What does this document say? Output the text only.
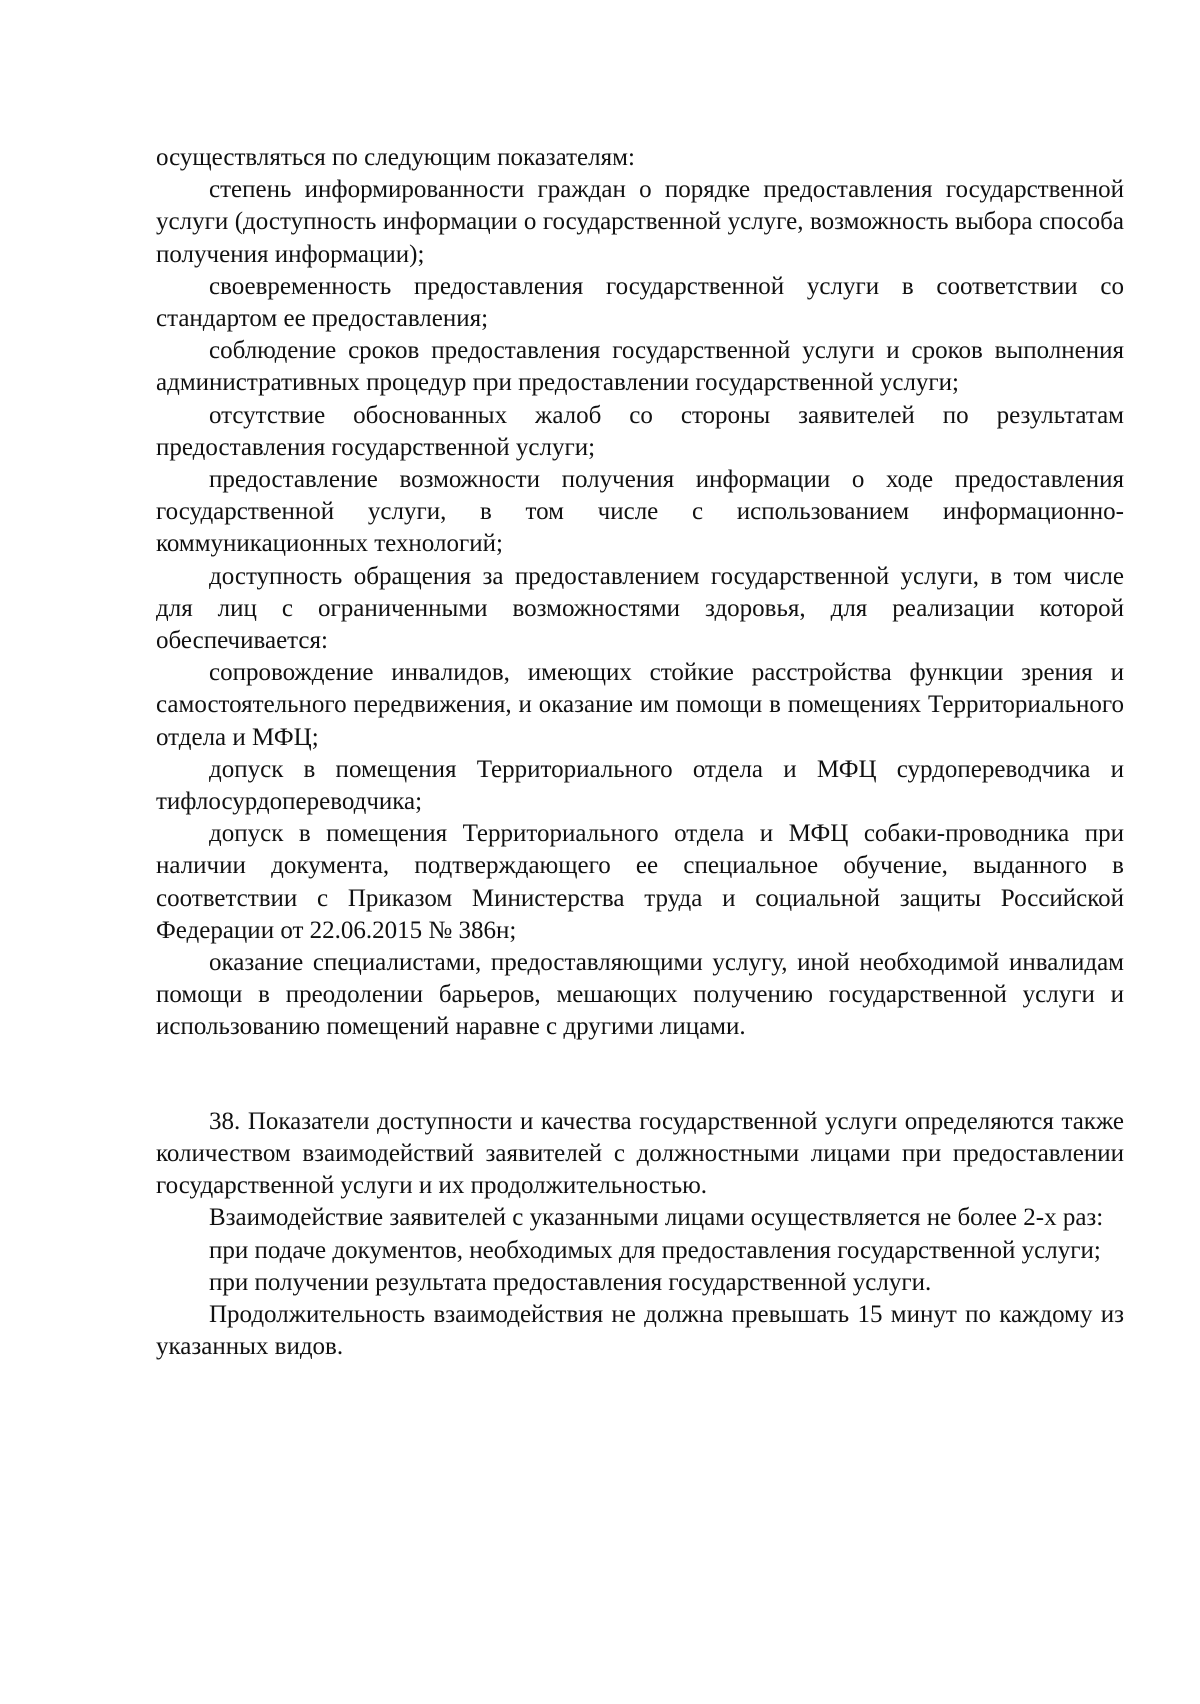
осуществляться по следующим показателям:

степень информированности граждан о порядке предоставления государственной услуги (доступность информации о государственной услуге, возможность выбора способа получения информации);

своевременность предоставления государственной услуги в соответствии со стандартом ее предоставления;

соблюдение сроков предоставления государственной услуги и сроков выполнения административных процедур при предоставлении государственной услуги;

отсутствие обоснованных жалоб со стороны заявителей по результатам предоставления государственной услуги;

предоставление возможности получения информации о ходе предоставления государственной услуги, в том числе с использованием информационно-коммуникационных технологий;

доступность обращения за предоставлением государственной услуги, в том числе для лиц с ограниченными возможностями здоровья, для реализации которой обеспечивается:

сопровождение инвалидов, имеющих стойкие расстройства функции зрения и самостоятельного передвижения, и оказание им помощи в помещениях Территориального отдела и МФЦ;

допуск в помещения Территориального отдела и МФЦ сурдопереводчика и тифлосурдопереводчика;

допуск в помещения Территориального отдела и МФЦ собаки-проводника при наличии документа, подтверждающего ее специальное обучение, выданного в соответствии с Приказом Министерства труда и социальной защиты Российской Федерации от 22.06.2015 № 386н;

оказание специалистами, предоставляющими услугу, иной необходимой инвалидам помощи в преодолении барьеров, мешающих получению государственной услуги и использованию помещений наравне с другими лицами.

38. Показатели доступности и качества государственной услуги определяются также количеством взаимодействий заявителей с должностными лицами при предоставлении государственной услуги и их продолжительностью.

Взаимодействие заявителей с указанными лицами осуществляется не более 2-х раз:

при подаче документов, необходимых для предоставления государственной услуги;

при получении результата предоставления государственной услуги.

Продолжительность взаимодействия не должна превышать 15 минут по каждому из указанных видов.
